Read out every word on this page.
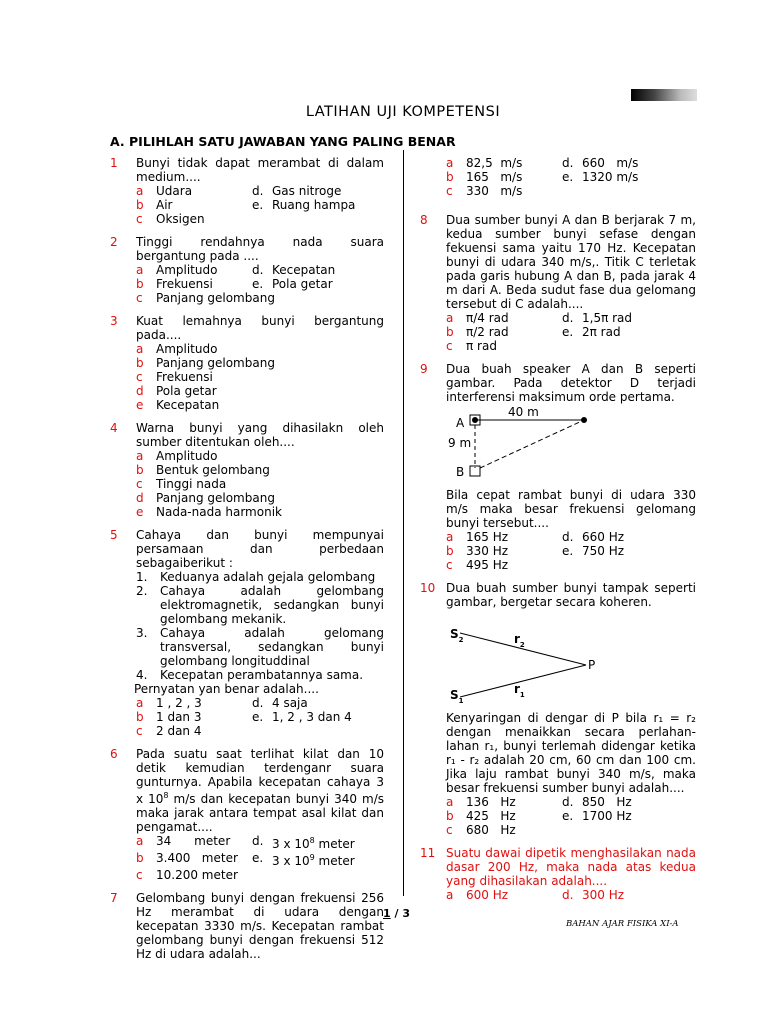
LATIHAN UJI KOMPETENSI
A. PILIHLAH SATU JAWABAN YANG PALING BENAR
1	Bunyi tidak dapat merambat di dalam medium....
a	Udara	d. Gas nitroge
b	Air	e. Ruang hampa
c	Oksigen
2	Tinggi rendahnya nada suara bergantung pada ....
a	Amplitudo	d. Kecepatan
b	Frekuensi	e. Pola getar
c	Panjang gelombang
3	Kuat lemahnya bunyi bergantung pada....
a	Amplitudo
b	Panjang gelombang
c	Frekuensi
d	Pola getar
e	Kecepatan
4	Warna bunyi yang dihasilakn oleh sumber ditentukan oleh....
a	Amplitudo
b	Bentuk gelombang
c	Tinggi nada
d	Panjang gelombang
e	Nada-nada harmonik
5	Cahaya dan bunyi mempunyai persamaan dan perbedaan sebagaiberikut :
1.	Keduanya adalah gejala gelombang
2.	Cahaya adalah gelombang elektromagnetik, sedangkan bunyi gelombang mekanik.
3.	Cahaya adalah gelomang transversal, sedangkan bunyi gelombang longituddinal
4.	Kecepatan perambatannya sama.
Pernyatan yan benar adalah....
a	1 , 2 , 3	d. 4 saja
b	1 dan 3	e. 1, 2 , 3 dan 4
c	2 dan 4
6	Pada suatu saat terlihat kilat dan 10 detik kemudian terdenganr suara gunturnya. Apabila kecepatan cahaya 3 x $10^8$ m/s dan kecepatan bunyi 340 m/s maka jarak antara tempat asal kilat dan pengamat....
a	34      meter	d. 3 x $10^8$ meter
b	3.400   meter	e. 3 x $10^9$ meter
c	10.200 meter
7	Gelombang bunyi dengan frekuensi 256 Hz merambat di udara dengan kecepatan 3330 m/s. Kecepatan rambat gelombang bunyi dengan frekuensi 512 Hz di udara adalah...
a	82,5  m/s	d. 660   m/s
b	165   m/s	e. 1320 m/s
c	330   m/s
8	Dua sumber bunyi A dan B berjarak 7 m, kedua sumber bunyi sefase dengan fekuensi sama yaitu 170 Hz. Kecepatan bunyi di udara 340 m/s,. Titik C terletak pada garis hubung A dan B, pada jarak 4 m dari A. Beda sudut fase dua gelomang tersebut di C adalah....
a	π/4 rad	d. 1,5π rad
b	π/2 rad	e. 2π rad
c	π rad
9	Dua buah speaker A dan B seperti gambar. Pada detektor D terjadi interferensi maksimum orde pertama.
A
40 m
9 m
B
Bila cepat rambat bunyi di udara 330 m/s maka besar frekuensi gelomang bunyi tersebut....
a	165 Hz	d. 660 Hz
b	330 Hz	e. 750 Hz
c	495 Hz
10 Dua buah sumber bunyi tampak seperti gambar, bergetar secara koheren.
$S_2$	$r_2$
P
$r_1$
$S_1$
Kenyaringan di dengar di P bila r₁ = r₂ dengan menaikkan secara perlahan-lahan r₁, bunyi terlemah didengar ketika r₁ - r₂ adalah 20 cm, 60 cm dan 100 cm. Jika laju rambat bunyi 340 m/s, maka besar frekuensi sumber bunyi adalah....
a	136   Hz	d. 850   Hz
b	425   Hz	e. 1700 Hz
c	680   Hz
11 Suatu dawai dipetik menghasilakan nada dasar 200 Hz, maka nada atas kedua yang dihasilakan adalah....
a	600 Hz	d. 300 Hz
1 / 3
BAHAN AJAR FISIKA XI-A
